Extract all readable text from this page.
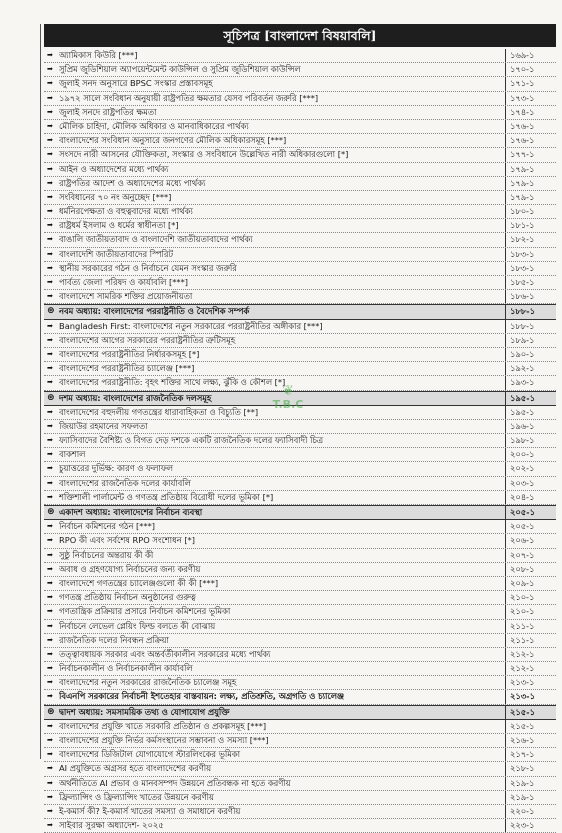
সূচিপত্র [বাংলাদেশ বিষয়াবলি]
➡ অ্যামিকাস কিউরি [***]	১৬৯-১
➡ সুপ্রিম জুডিশিয়াল অ্যাপয়েন্টমেন্ট কাউন্সিল ও সুপ্রিম জুডিশিয়াল কাউন্সিল	১৭০-১
➡ জুলাই সনদ অনুসারে BPSC সংস্কার প্রস্তাবসমূহ	১৭১-১
➡ ১৯৭২ সালে সংবিধান অনুযায়ী রাষ্ট্রপতির ক্ষমতার যেসব পরিবর্তন জরুরি [***]	১৭৩-১
➡ জুলাই সনদে রাষ্ট্রপতির ক্ষমতা	১৭৪-১
➡ মৌলিক চাহিদা, মৌলিক অধিকার ও মানবাধিকারের পার্থক্য	১৭৬-১
➡ বাংলাদেশের সংবিধান অনুসারে জনগণের মৌলিক অধিকারসমূহ [***]	১৭৬-১
➡ সংসদে নারী আসনের যৌক্তিকতা, সংস্কার ও সংবিধানে উল্লেখিত নারী অধিকারগুলো [*]	১৭৭-১
➡ আইন ও অধ্যাদেশের মধ্যে পার্থক্য	১৭৯-১
➡ রাষ্ট্রপতির আদেশ ও অধ্যাদেশের মধ্যে পার্থক্য	১৭৯-১
➡ সংবিধানের ৭০ নং অনুচ্ছেদ [***]	১৭৯-১
➡ ধর্মনিরপেক্ষতা ও বহুত্ববাদের মধ্যে পার্থক্য	১৮০-১
➡ রাষ্ট্রধর্ম ইসলাম ও ধর্মের স্বাধীনতা [*]	১৮১-১
➡ বাঙালি জাতীয়তাবাদ ও বাংলাদেশি জাতীয়তাবাদের পার্থক্য	১৮২-১
➡ বাংলাদেশি জাতীয়তাবাদের স্পিরিট	১৮৩-১
➡ স্থানীয় সরকারের গঠন ও নির্বাচনে যেমন সংস্কার জরুরি	১৮৩-১
➡ পার্বত্য জেলা পরিষদ ও কার্যাবলি [***]	১৮৫-১
➡ বাংলাদেশে সামরিক শক্তির প্রয়োজনীয়তা	১৮৬-১
⊛ নবম অধ্যায়: বাংলাদেশের পররাষ্ট্রনীতি ও বৈদেশিক সম্পর্ক	১৮৮-১
➡ Bangladesh First: বাংলাদেশের নতুন সরকারের পররাষ্ট্রনীতির অঙ্গীকার [***]	১৮৮-১
➡ বাংলাদেশের আগের সরকারের পররাষ্ট্রনীতির ত্রুটিসমূহ	১৮৯-১
➡ বাংলাদেশের পররাষ্ট্রনীতির নির্ধারকসমূহ [*]	১৯০-১
➡ বাংলাদেশের পররাষ্ট্রনীতির চ্যালেঞ্জ [***]	১৯২-১
➡ বাংলাদেশের পররাষ্ট্রনীতি: বৃহৎ শক্তির সাথে লক্ষ্য, ঝুঁকি ও কৌশল [*]	১৯৩-১
⊛ দশম অধ্যায়: বাংলাদেশের রাজনৈতিক দলসমূহ	১৯৫-১
➡ বাংলাদেশের বহুদলীয় গণতন্ত্রের ধারাবাহিকতা ও বিচ্যুতি [**]	১৯৫-১
➡ জিয়াউর রহমানের সফলতা	১৯৬-১
➡ ফ্যাসিবাদের বৈশিষ্ট্য ও বিগত দেড় দশকে একটি রাজনৈতিক দলের ফ্যাসিবাদী চিত্র	১৯৮-১
➡ বাকশাল	২০০-১
➡ চুয়াত্তরের দুর্ভিক্ষ: কারণ ও ফলাফল	২০২-১
➡ বাংলাদেশের রাজনৈতিক দলের কার্যাবলি	২০৩-১
➡ শক্তিশালী পার্লামেন্ট ও গণতন্ত্র প্রতিষ্ঠায় বিরোধী দলের ভূমিকা [*]	২০৪-১
⊛ একাদশ অধ্যায়: বাংলাদেশের নির্বাচন ব্যবস্থা	২০৫-১
➡ নির্বাচন কমিশনের গঠন [***]	২০৫-১
➡ RPO কী এবং সর্বশেষ RPO সংশোধন [*]	২০৬-১
➡ সুষ্ঠু নির্বাচনের অন্তরায় কী কী	২০৭-১
➡ অবাধ ও গ্রহণযোগ্য নির্বাচনের জন্য করণীয়	২০৮-১
➡ বাংলাদেশে গণতন্ত্রের চ্যালেঞ্জগুলো কী কী [***]	২০৯-১
➡ গণতন্ত্র প্রতিষ্ঠায় নির্বাচন অনুষ্ঠানের গুরুত্ব	২১০-১
➡ গণতান্ত্রিক প্রক্রিয়ার প্রসারে নির্বাচন কমিশনের ভূমিকা	২১০-১
➡ নির্বাচনে লেভেল প্লেয়িং ফিল্ড বলতে কী বোঝায়	২১১-১
➡ রাজনৈতিক দলের নিবন্ধন প্রক্রিয়া	২১১-১
➡ তত্ত্বাবধায়ক সরকার এবং অন্তর্বর্তীকালীন সরকারের মধ্যে পার্থক্য	২১২-১
➡ নির্বাচনকালীন ও নির্বাচনকালীন কার্যাবলি	২১২-১
➡ বাংলাদেশের নতুন সরকারের রাজনৈতিক চ্যালেঞ্জ সমূহ	২১৩-১
➡ বিএনপি সরকারের নির্বাচনী ইশতেহার বাস্তবায়ন: লক্ষ্য, প্রতিশ্রুতি, অগ্রগতি ও চ্যালেঞ্জ	২১৩-১
⊛ দ্বাদশ অধ্যায়: সমসাময়িক তথ্য ও যোগাযোগ প্রযুক্তি	২১৫-১
➡ বাংলাদেশের প্রযুক্তি খাতে সরকারি প্রতিষ্ঠান ও প্রকল্পসমূহ [***]	২১৫-১
➡ বাংলাদেশের প্রযুক্তি নির্ভর কর্মসংস্থানের সম্ভাবনা ও সমস্যা [***]	২১৬-১
➡ বাংলাদেশের ডিজিটাল যোগাযোগে স্টারলিংকের ভূমিকা	২১৭-১
➡ AI প্রযুক্তিতে অগ্রসর হতে বাংলাদেশের করণীয়	২১৮-১
➡ অর্থনীতিতে AI প্রভাব ও মানবসম্পদ উন্নয়নে প্রতিবন্ধক না হতে করণীয়	২১৯-১
➡ ফ্রিল্যান্সিং ও ফ্রিল্যান্সিং খাতের উন্নয়নে করণীয়	২১৯-১
➡ ই-কমার্স কী? ই-কমার্স খাতের সমস্যা ও সমাধানে করণীয়	২২০-১
➡ সাইবার সুরক্ষা অধ্যাদেশ- ২০২৫	২২৩-১
❦
T.B.C
